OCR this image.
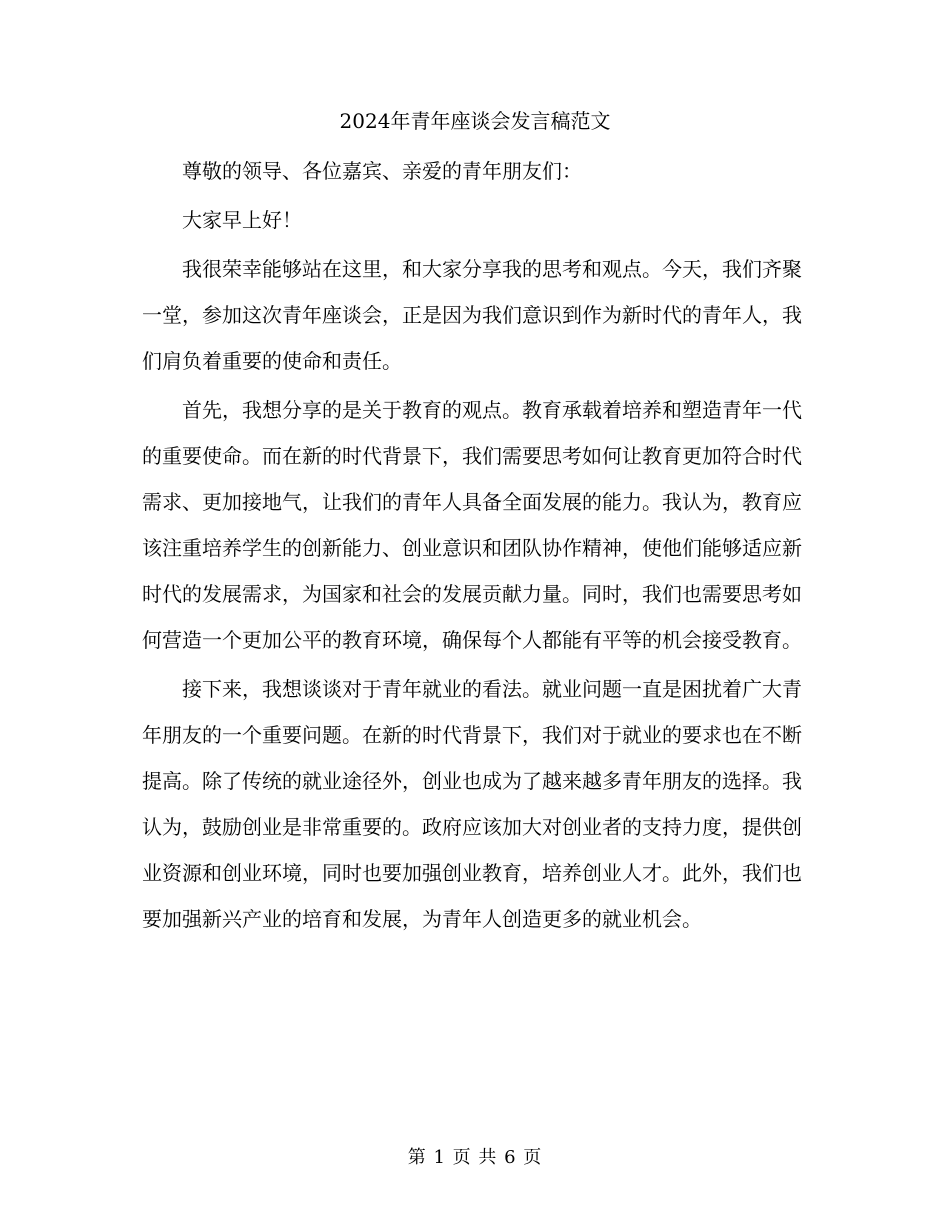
2024年青年座谈会发言稿范文

尊敬的领导、各位嘉宾、亲爱的青年朋友们：

大家早上好！

我很荣幸能够站在这里，和大家分享我的思考和观点。今天，我们齐聚一堂，参加这次青年座谈会，正是因为我们意识到作为新时代的青年人，我们肩负着重要的使命和责任。

首先，我想分享的是关于教育的观点。教育承载着培养和塑造青年一代的重要使命。而在新的时代背景下，我们需要思考如何让教育更加符合时代需求、更加接地气，让我们的青年人具备全面发展的能力。我认为，教育应该注重培养学生的创新能力、创业意识和团队协作精神，使他们能够适应新时代的发展需求，为国家和社会的发展贡献力量。同时，我们也需要思考如何营造一个更加公平的教育环境，确保每个人都能有平等的机会接受教育。

接下来，我想谈谈对于青年就业的看法。就业问题一直是困扰着广大青年朋友的一个重要问题。在新的时代背景下，我们对于就业的要求也在不断提高。除了传统的就业途径外，创业也成为了越来越多青年朋友的选择。我认为，鼓励创业是非常重要的。政府应该加大对创业者的支持力度，提供创业资源和创业环境，同时也要加强创业教育，培养创业人才。此外，我们也要加强新兴产业的培育和发展，为青年人创造更多的就业机会。

第 1 页 共 6 页
